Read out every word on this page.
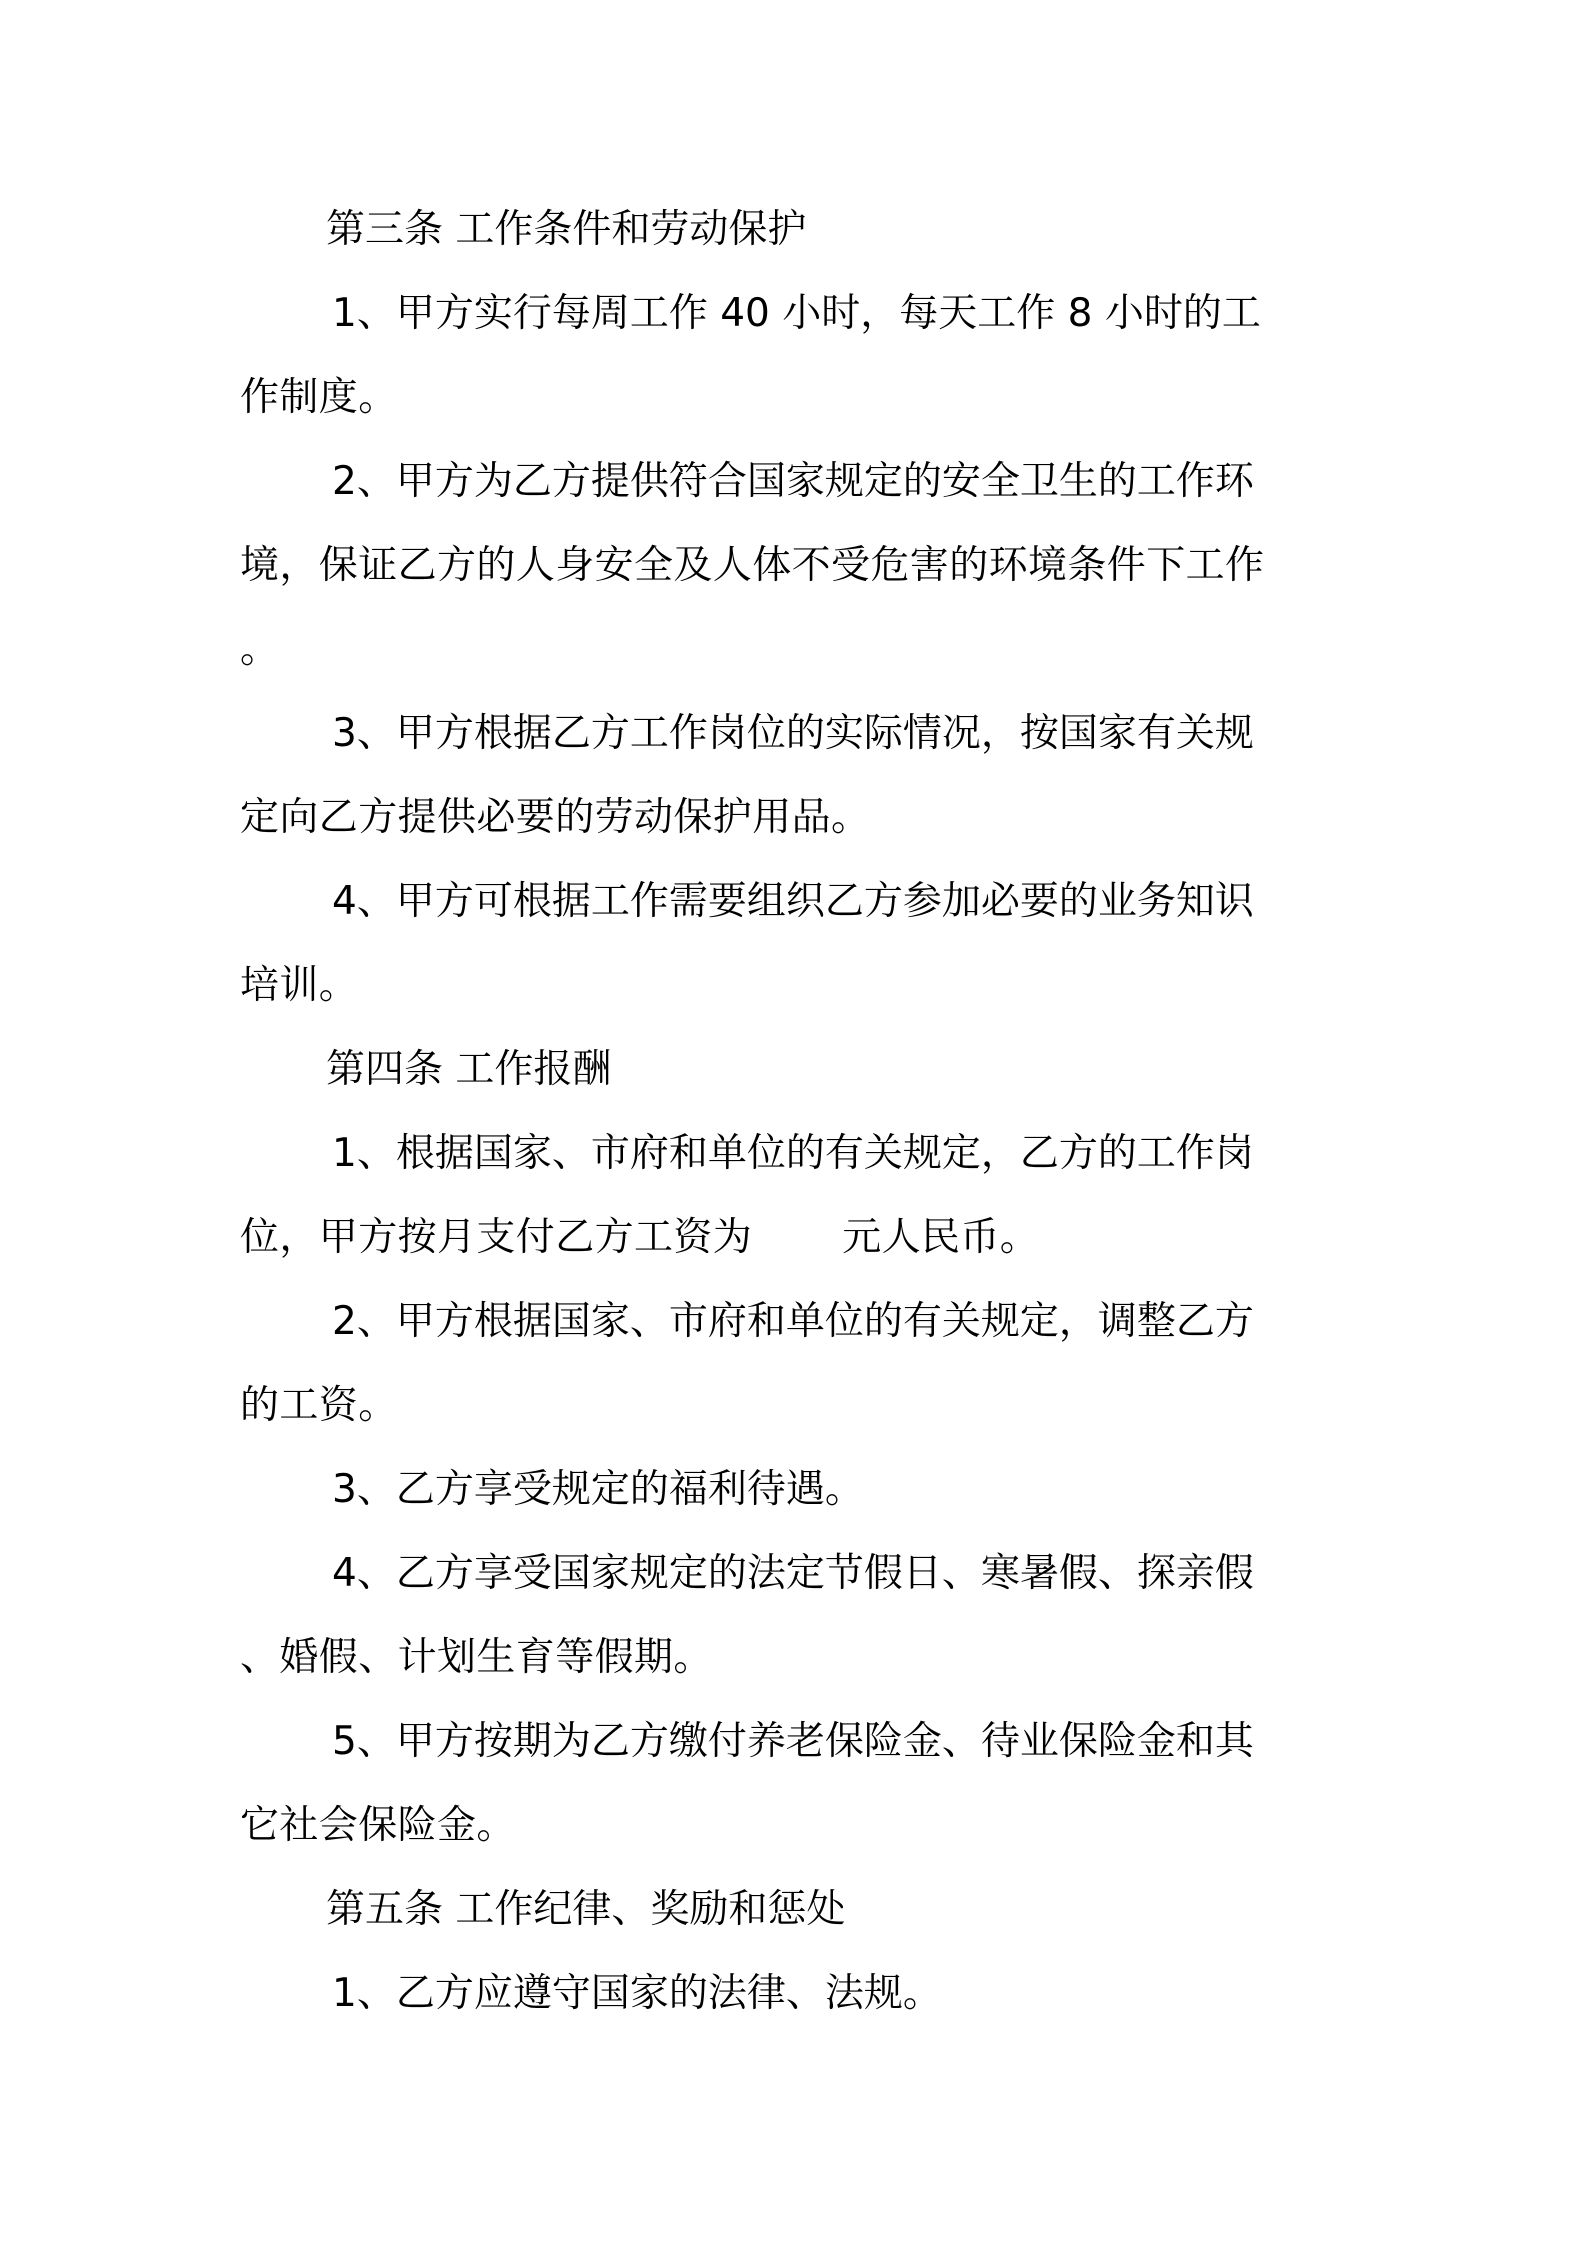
第三条 工作条件和劳动保护

1、甲方实行每周工作 40 小时，每天工作 8 小时的工

作制度。

2、甲方为乙方提供符合国家规定的安全卫生的工作环

境，保证乙方的人身安全及人体不受危害的环境条件下工作

。

3、甲方根据乙方工作岗位的实际情况，按国家有关规

定向乙方提供必要的劳动保护用品。

4、甲方可根据工作需要组织乙方参加必要的业务知识

培训。

第四条 工作报酬

1、根据国家、市府和单位的有关规定，乙方的工作岗

位，甲方按月支付乙方工资为 元人民币。

2、甲方根据国家、市府和单位的有关规定，调整乙方

的工资。

3、乙方享受规定的福利待遇。

4、乙方享受国家规定的法定节假日、寒暑假、探亲假

、婚假、计划生育等假期。

5、甲方按期为乙方缴付养老保险金、待业保险金和其

它社会保险金。

第五条 工作纪律、奖励和惩处

1、乙方应遵守国家的法律、法规。
